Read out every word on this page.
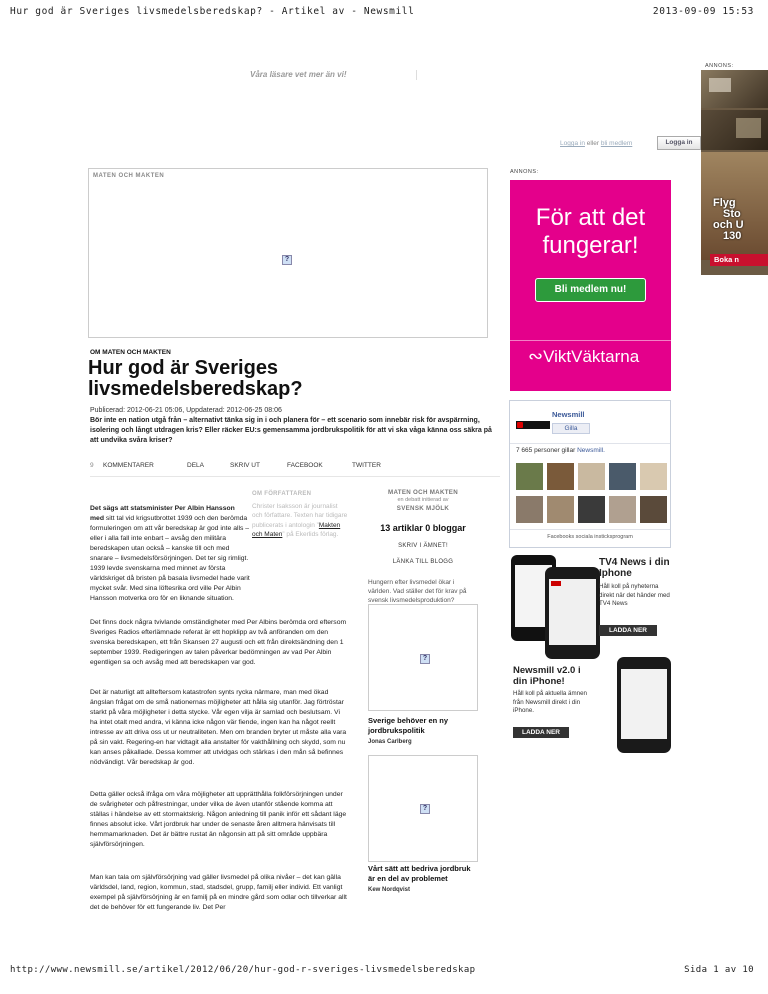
Hur god är Sveriges livsmedelsberedskap? - Artikel av - Newsmill	2013-09-09 15:53
ANNONS:
Våra läsare vet mer än vi!
Logga in eller bli medlem	Logga in
Flyg
Sto
och U
130
Boka n
MATEN OCH MAKTEN
?
ANNONS:
För att det fungerar!
Bli medlem nu!
∾ViktVäktarna
OM MATEN OCH MAKTEN
Hur god är Sveriges livsmedelsberedskap?
Publicerad: 2012-06-21 05:06, Uppdaterad: 2012-06-25 08:06
Bör inte en nation utgå från – alternativt tänka sig in i och planera för – ett scenario som innebär risk för avspärrning, isolering och långt utdragen kris? Eller räcker EU:s gemensamma jordbrukspolitik för att vi ska våga känna oss säkra på att undvika svåra kriser?
9 KOMMENTARER	DELA	SKRIV UT	FACEBOOK	TWITTER
OM FÖRFATTAREN
Christer Isaksson är journalist och författare. Texten har tidigare publicerats i antologin ”Makten och Maten” på Ekerlids förlag.
Det sägs att statsminister Per Albin Hansson med sitt tal vid krigsutbrottet 1939 och den berömda formuleringen om att vår beredskap är god inte alls – eller i alla fall inte enbart – avsåg den militära beredskapen utan också – kanske till och med snarare – livsmedelsförsörjningen. Det ter sig rimligt. 1939 levde svenskarna med minnet av första världskriget då bristen på basala livsmedel hade varit mycket svår. Med sina löftesrika ord ville Per Albin Hansson motverka oro för en liknande situation.
Det finns dock några tvivlande omständigheter med Per Albins berömda ord eftersom Sveriges Radios efterlämnade referat är ett hopklipp av två anföranden om den svenska beredskapen, ett från Skansen 27 augusti och ett från direktsändning den 1 september 1939. Redigeringen av talen påverkar bedömningen av vad Per Albin egentligen sa och avsåg med att beredskapen var god.
Det är naturligt att allteftersom katastrofen synts rycka närmare, man med ökad ängslan frågat om de små nationernas möjligheter att hålla sig utanför. Jag förtröstar starkt på våra möjligheter i detta stycke. Vår egen vilja är samlad och beslutsam. Vi ha intet otalt med andra, vi känna icke någon vär fiende, ingen kan ha något reellt intresse av att driva oss ut ur neutraliteten. Men om branden bryter ut måste alla vara på sin vakt. Regering-en har vidtagit alla anstalter för vakthållning och skydd, som nu kan anses påkallade. Dessa kommer att utvidgas och stärkas i den mån så befinnes nödvändigt. Vår beredskap är god.
Detta gäller också ifråga om våra möjligheter att upprätthålla folkförsörjningen under de svårigheter och påfrestningar, under vilka de även utanför stående komma att ställas i händelse av ett stormaktskrig. Någon anledning till panik inför ett sådant läge finnes absolut icke. Vårt jordbruk har under de senaste åren alltmera hänvisats till hemmamarknaden. Det är bättre rustat än någonsin att på sitt område uppbära självförsörjningen.
Man kan tala om självförsörjning vad gäller livsmedel på olika nivåer – det kan gälla världsdel, land, region, kommun, stad, stadsdel, grupp, familj eller individ. Ett vanligt exempel på självförsörjning är en familj på en mindre gård som odlar och tillverkar allt det de behöver för ett fungerande liv. Det Per
MATEN OCH MAKTEN
en debatt initierad av
SVENSK MJÖLK
13 artiklar 0 bloggar
SKRIV I ÄMNET!
LÄNKA TILL BLOGG
Hungern efter livsmedel ökar i världen. Vad ställer det för krav på svensk livsmedelsproduktion?
?
Sverige behöver en ny jordbrukspolitik
Jonas Carlberg
?
Vårt sätt att bedriva jordbruk är en del av problemet
Kew Nordqvist
Newsmill
Gilla
7 665 personer gillar Newsmill.
Facebooks sociala insticksprogram
TV4 News i din Iphone
Håll koll på nyheterna direkt när det händer med TV4 News
LADDA NER
Newsmill v2.0 i din iPhone!
Håll koll på aktuella ämnen från Newsmill direkt i din iPhone.
LADDA NER
http://www.newsmill.se/artikel/2012/06/20/hur-god-r-sveriges-livsmedelsberedskap	Sida 1 av 10
